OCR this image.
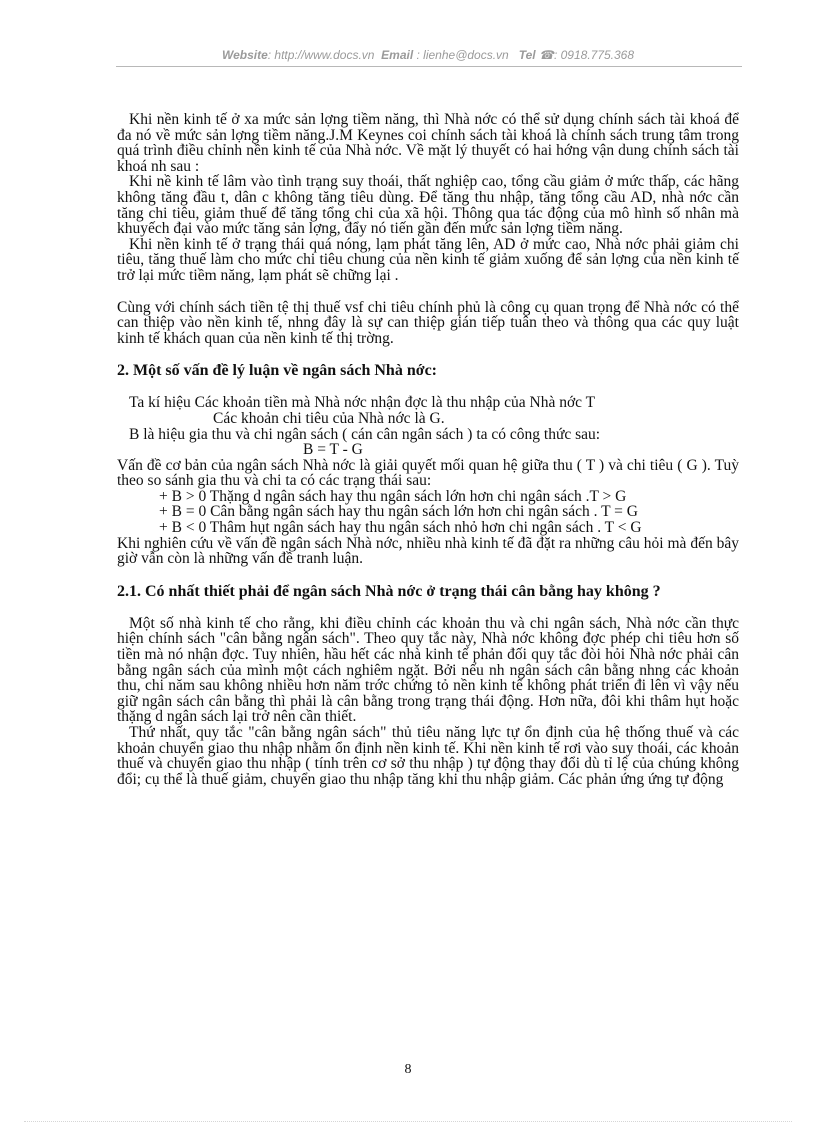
Website: http://www.docs.vn Email : lienhe@docs.vn Tel ☎: 0918.775.368

Khi nền kinh tế ở xa mức sản lợng tiềm năng, thì Nhà nớc có thể sử dụng chính sách tài khoá để đa nó về mức sản lợng tiềm năng.J.M Keynes coi chính sách tài khoá là chính sách trung tâm trong quá trình điều chỉnh nền kinh tế của Nhà nớc. Về mặt lý thuyết có hai hớng vận dung chính sách tài khoá nh sau :

Khi nề kinh tế lâm vào tình trạng suy thoái, thất nghiệp cao, tổng cầu giảm ở mức thấp, các hãng không tăng đầu t, dân c không tăng tiêu dùng. Để tăng thu nhập, tăng tổng cầu AD, nhà nớc cần tăng chi tiêu, giảm thuế để tăng tổng chi của xã hội. Thông qua tác động của mô hình số nhân mà khuyếch đại vào mức tăng sản lợng, đẩy nó tiến gần đến mức sản lợng tiềm năng.

Khi nền kinh tế ở trạng thái quá nóng, lạm phát tăng lên, AD ở mức cao, Nhà nớc phải giảm chi tiêu, tăng thuế làm cho mức chi tiêu chung của nền kinh tế giảm xuống để sản lợng của nền kinh tế trở lại mức tiềm năng, lạm phát sẽ chững lại .

Cùng với chính sách tiền tệ thị thuế vsf chi tiêu chính phủ là công cụ quan trọng để Nhà nớc có thể can thiệp vào nền kinh tế, nhng đây là sự can thiệp gián tiếp tuân theo và thông qua các quy luật kinh tế khách quan của nền kinh tế thị trờng.

2. Một số vấn đề lý luận về ngân sách Nhà nớc:

Ta kí hiệu Các khoản tiền mà Nhà nớc nhận đợc là thu nhập của Nhà nớc T

Các khoản chi tiêu của Nhà nớc là G.

B là hiệu gia thu và chi ngân sách ( cán cân ngân sách ) ta có công thức sau:

B = T - G

Vấn đề cơ bản của ngân sách Nhà nớc là giải quyết mối quan hệ giữa thu ( T ) và chi tiêu ( G ). Tuỳ theo so sánh gia thu và chi ta có các trạng thái sau:

+ B > 0 Thặng d ngân sách hay thu ngân sách lớn hơn chi ngân sách .T > G

+ B = 0 Cân bằng ngân sách hay thu ngân sách lớn hơn chi ngân sách . T = G

+ B < 0 Thâm hụt ngân sách hay thu ngân sách nhỏ hơn chi ngân sách . T < G

Khi nghiên cứu về vấn đề ngân sách Nhà nớc, nhiều nhà kinh tế đã đặt ra những câu hỏi mà đến bây giờ vẫn còn là những vấn đề tranh luận.

2.1. Có nhất thiết phải để ngân sách Nhà nớc ở trạng thái cân bằng hay không ?

Một số nhà kinh tế cho rằng, khi điều chỉnh các khoản thu và chi ngân sách, Nhà nớc cần thực hiện chính sách "cân bằng ngân sách". Theo quy tắc này, Nhà nớc không đợc phép chi tiêu hơn số tiền mà nó nhận đợc. Tuy nhiên, hầu hết các nhà kinh tế phản đối quy tắc đòi hỏi Nhà nớc phải cân bằng ngân sách của mình một cách nghiêm ngặt. Bởi nếu nh ngân sách cân bằng nhng các khoản thu, chi năm sau không nhiều hơn năm trớc chứng tỏ nền kinh tế không phát triển đi lên vì vậy nếu giữ ngân sách cân bằng thì phải là cân bằng trong trạng thái động. Hơn nữa, đôi khi thâm hụt hoặc thặng d ngân sách lại trở nên cần thiết.

Thứ nhất, quy tắc "cân bằng ngân sách" thủ tiêu năng lực tự ổn định của hệ thống thuế và các khoản chuyển giao thu nhập nhằm ổn định nền kinh tế. Khi nền kinh tế rơi vào suy thoái, các khoản thuế và chuyển giao thu nhập ( tính trên cơ sở thu nhập ) tự động thay đổi dù tỉ lệ của chúng không đổi; cụ thể là thuế giảm, chuyển giao thu nhập tăng khi thu nhập giảm. Các phản ứng ứng tự động

8
